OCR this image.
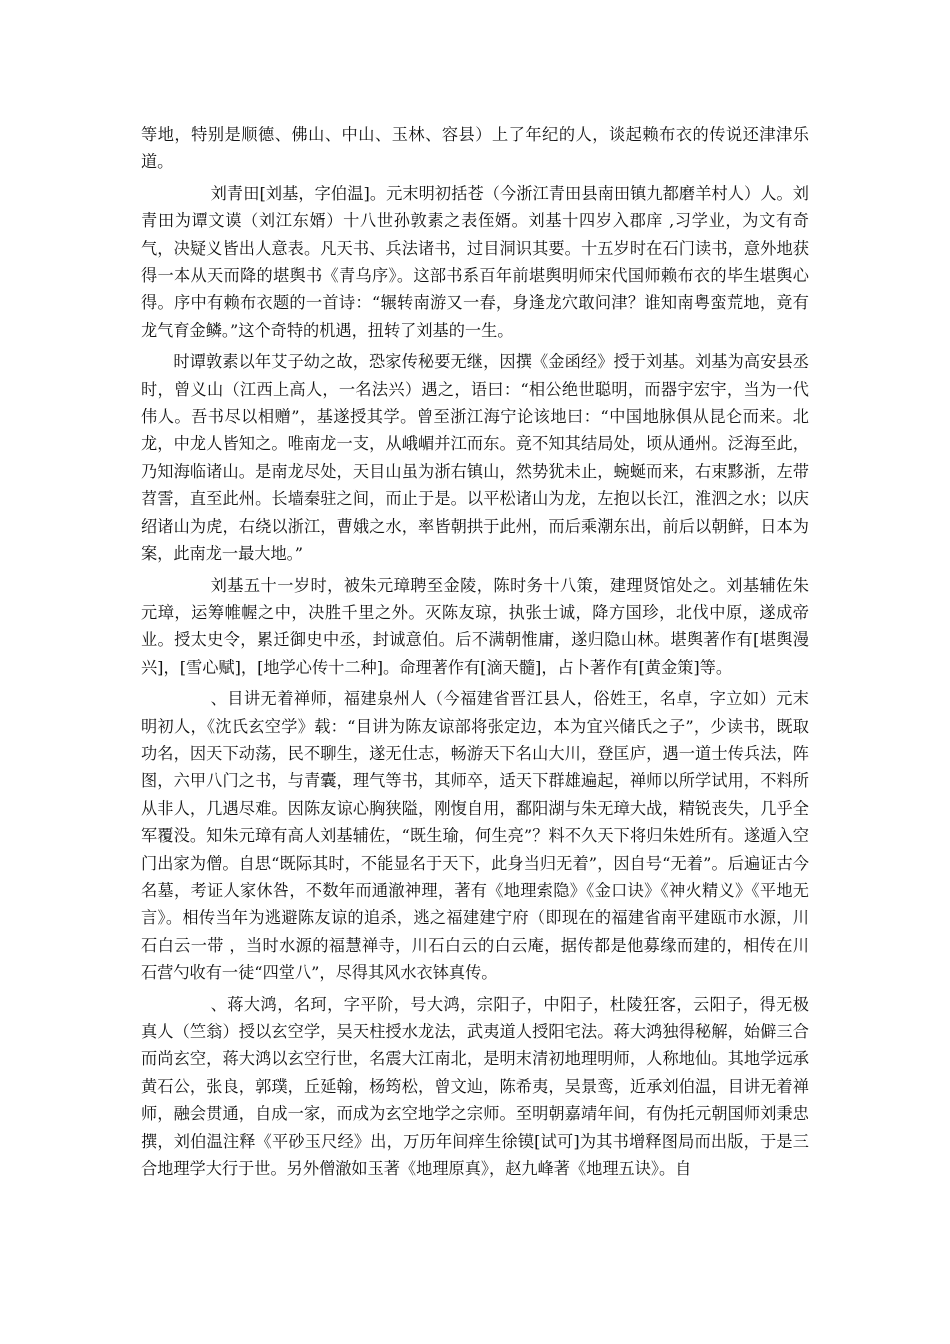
等地，特别是顺德、佛山、中山、玉林、容县）上了年纪的人，谈起赖布衣的传说还津津乐道。

刘青田[刘基，字伯温]。元末明初括苍（今浙江青田县南田镇九都磨羊村人）人。刘青田为谭文谟（刘江东婿）十八世孙敦素之表侄婿。刘基十四岁入郡庠 ,习学业，为文有奇气，决疑义皆出人意表。凡天书、兵法诸书，过目洞识其要。十五岁时在石门读书，意外地获得一本从天而降的堪舆书《青乌序》。这部书系百年前堪舆明师宋代国师赖布衣的毕生堪舆心得。序中有赖布衣题的一首诗：“辗转南游又一春，身逢龙穴敢问津？谁知南粤蛮荒地，竟有龙气育金鳞。”这个奇特的机遇，扭转了刘基的一生。

时谭敦素以年艾子幼之故，恐家传秘要无继，因撰《金函经》授于刘基。刘基为高安县丞时，曾义山（江西上高人，一名法兴）遇之，语曰：“相公绝世聪明，而器宇宏宇，当为一代伟人。吾书尽以相赠”，基遂授其学。曾至浙江海宁论该地曰：“中国地脉俱从昆仑而来。北龙，中龙人皆知之。唯南龙一支，从峨嵋并江而东。竟不知其结局处，顷从通州。泛海至此，乃知海临诸山。是南龙尽处，天目山虽为浙右镇山，然势犹未止，蜿蜒而来，右束黟浙，左带苕霅，直至此州。长墙秦驻之间，而止于是。以平松诸山为龙，左抱以长江，淮泗之水；以庆绍诸山为虎，右绕以浙江，曹娥之水，率皆朝拱于此州，而后乘潮东出，前后以朝鲜，日本为案，此南龙一最大地。”

刘基五十一岁时，被朱元璋聘至金陵，陈时务十八策，建理贤馆处之。刘基辅佐朱元璋，运筹帷幄之中，决胜千里之外。灭陈友琼，执张士诚，降方国珍，北伐中原，遂成帝业。授太史令，累迁御史中丞，封诚意伯。后不满朝惟庸，遂归隐山林。堪舆著作有[堪舆漫兴]，[雪心赋]，[地学心传十二种]。命理著作有[滴天髓]，占卜著作有[黄金策]等。

、目讲无着禅师，福建泉州人（今福建省晋江县人，俗姓王，名卓，字立如）元末明初人，《沈氏玄空学》载：“目讲为陈友谅部将张定边，本为宜兴储氏之子”，少读书，既取功名，因天下动荡，民不聊生，遂无仕志，畅游天下名山大川，登匡庐，遇一道士传兵法，阵图，六甲八门之书，与青囊，理气等书，其师卒，适天下群雄遍起，禅师以所学试用，不料所从非人，几遇尽难。因陈友谅心胸狭隘，刚愎自用，鄱阳湖与朱无璋大战，精锐丧失，几乎全军覆没。知朱元璋有高人刘基辅佐，“既生瑜，何生亮”？料不久天下将归朱姓所有。遂遁入空门出家为僧。自思“既际其时，不能显名于天下，此身当归无着”，因自号“无着”。后遍证古今名墓，考证人家休咎，不数年而通澈神理，著有《地理索隐》《金口诀》《神火精义》《平地无言》。相传当年为逃避陈友谅的追杀，逃之福建建宁府（即现在的福建省南平建瓯市水源，川石白云一带 ，当时水源的福慧禅寺，川石白云的白云庵，据传都是他募缘而建的，相传在川石营勺收有一徒“四堂八”，尽得其风水衣钵真传。

、蒋大鸿，名珂，字平阶，号大鸿，宗阳子，中阳子，杜陵狂客，云阳子，得无极真人（竺翁）授以玄空学，吴天柱授水龙法，武夷道人授阳宅法。蒋大鸿独得秘解，始僻三合而尚玄空，蒋大鸿以玄空行世，名震大江南北，是明末清初地理明师，人称地仙。其地学远承黄石公，张良，郭璞，丘延翰，杨筠松，曾文辿，陈希夷，吴景鸾，近承刘伯温，目讲无着禅师，融会贯通，自成一家，而成为玄空地学之宗师。至明朝嘉靖年间，有伪托元朝国师刘秉忠撰，刘伯温注释《平砂玉尺经》出，万历年间痒生徐镆[试可]为其书增释图局而出版，于是三合地理学大行于世。另外僧澈如玉著《地理原真》，赵九峰著《地理五诀》。自
